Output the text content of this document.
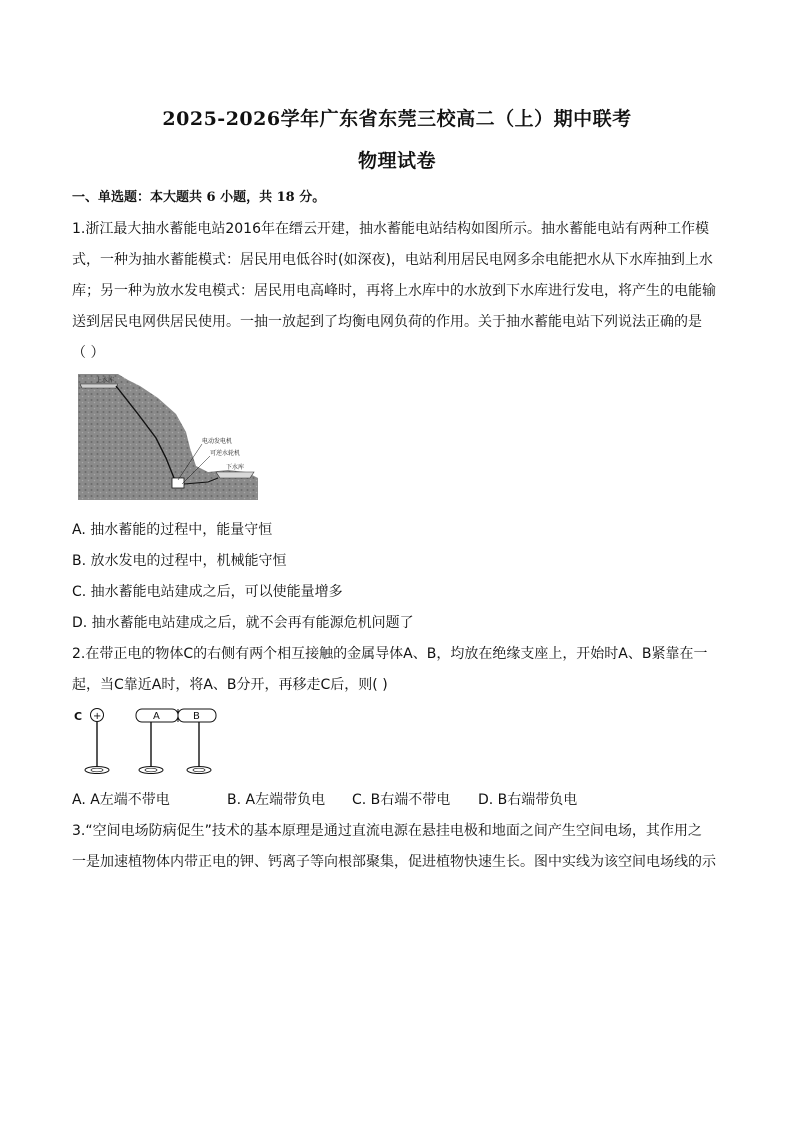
2025-2026学年广东省东莞三校高二（上）期中联考
物理试卷
一、单选题：本大题共 6 小题，共 18 分。
1.浙江最大抽水蓄能电站2016年在缙云开建，抽水蓄能电站结构如图所示。抽水蓄能电站有两种工作模
式，一种为抽水蓄能模式：居民用电低谷时(如深夜)，电站利用居民电网多余电能把水从下水库抽到上水
库；另一种为放水发电模式：居民用电高峰时，再将上水库中的水放到下水库进行发电，将产生的电能输
送到居民电网供居民使用。一抽一放起到了均衡电网负荷的作用。关于抽水蓄能电站下列说法正确的是
（ ）
上水库
电动发电机
可逆水轮机
下水库
A. 抽水蓄能的过程中，能量守恒
B. 放水发电的过程中，机械能守恒
C. 抽水蓄能电站建成之后，可以使能量增多
D. 抽水蓄能电站建成之后，就不会再有能源危机问题了
2.在带正电的物体C的右侧有两个相互接触的金属导体A、B，均放在绝缘支座上，开始时A、B紧靠在一
起，当C靠近A时，将A、B分开，再移走C后，则( )
C +	A	B
A. A左端不带电	B. A左端带负电 C. B右端不带电 D. B右端带负电
3.“空间电场防病促生”技术的基本原理是通过直流电源在悬挂电极和地面之间产生空间电场，其作用之
一是加速植物体内带正电的钾、钙离子等向根部聚集，促进植物快速生长。图中实线为该空间电场线的示
